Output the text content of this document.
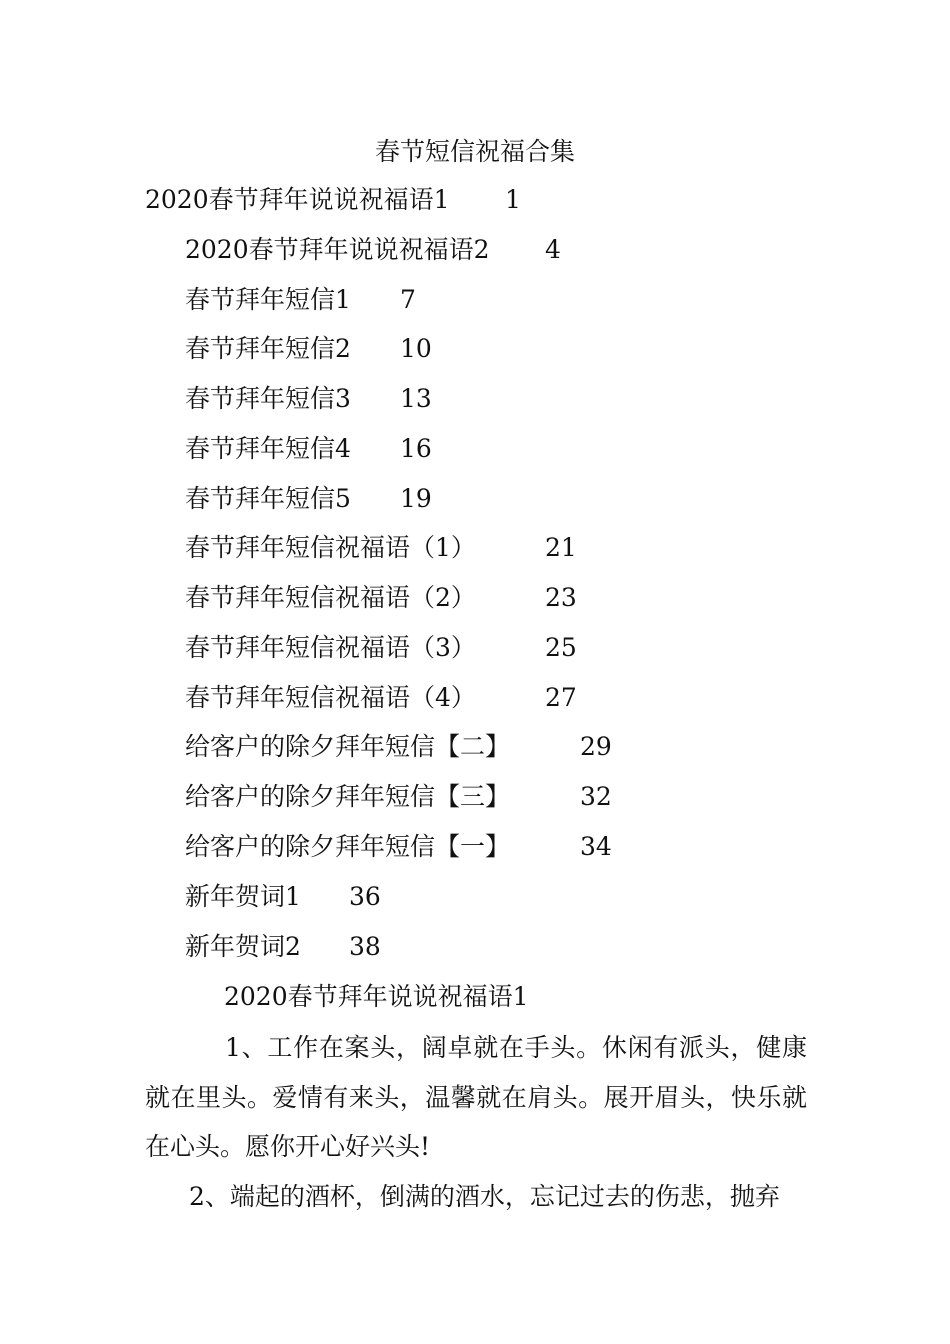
春节短信祝福合集
2020春节拜年说说祝福语1 1
2020春节拜年说说祝福语2 4
春节拜年短信1 7
春节拜年短信2 10
春节拜年短信3 13
春节拜年短信4 16
春节拜年短信5 19
春节拜年短信祝福语（1）	21
春节拜年短信祝福语（2）	23
春节拜年短信祝福语（3）	25
春节拜年短信祝福语（4）	27
给客户的除夕拜年短信【二】	29
给客户的除夕拜年短信【三】	32
给客户的除夕拜年短信【一】	34
新年贺词1 36
新年贺词2 38
2020春节拜年说说祝福语1
1、工作在案头，阔卓就在手头。休闲有派头，健康就在里头。爱情有来头，温馨就在肩头。展开眉头，快乐就在心头。愿你开心好兴头!
2、端起的酒杯，倒满的酒水，忘记过去的伤悲，抛弃
